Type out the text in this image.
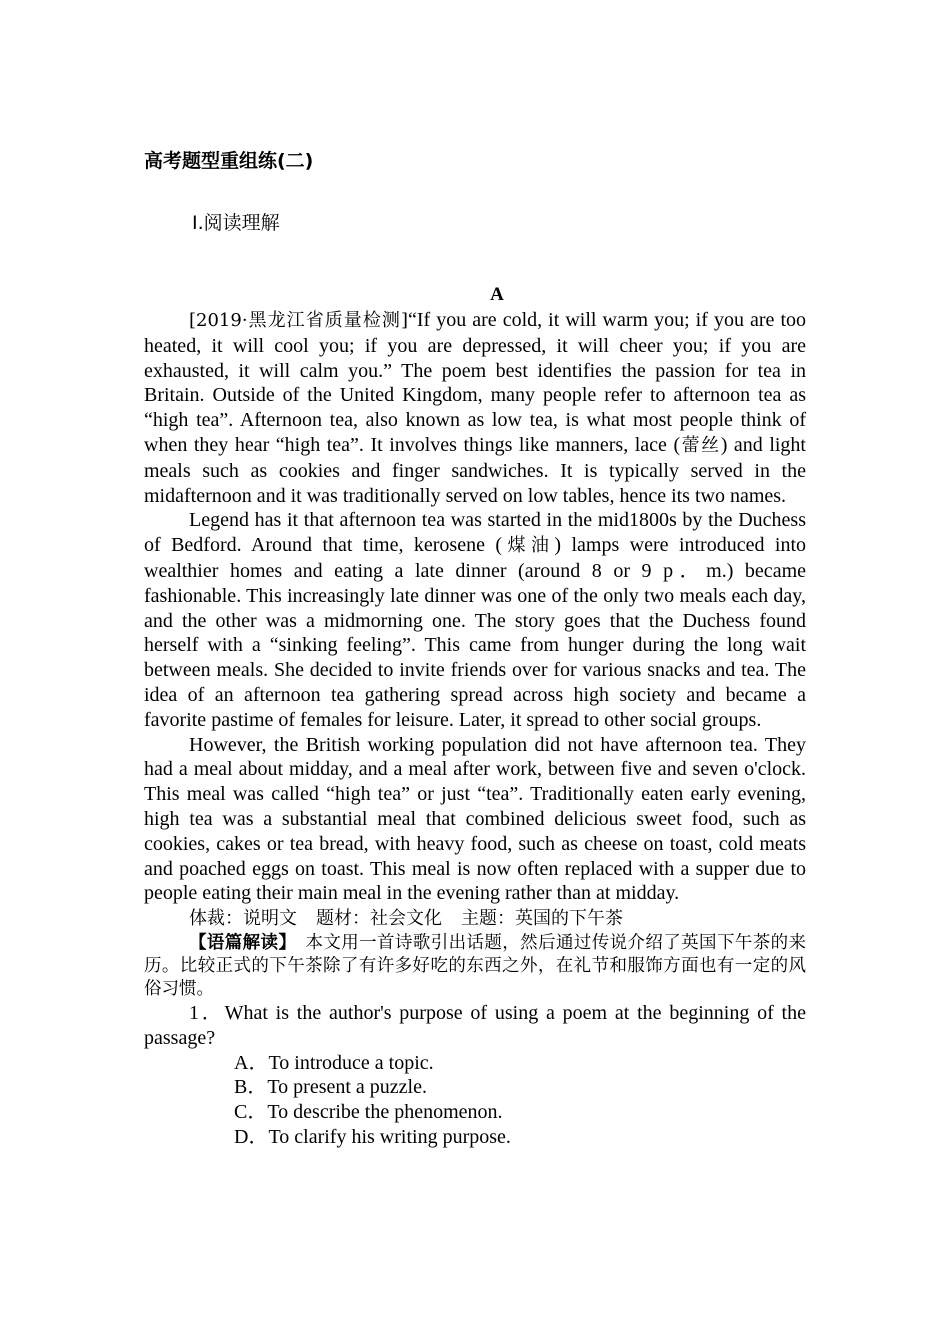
高考题型重组练(二)
Ⅰ.阅读理解
A

[2019·黑龙江省质量检测]“If you are cold, it will warm you; if you are too heated, it will cool you; if you are depressed, it will cheer you; if you are exhausted, it will calm you.” The poem best identifies the passion for tea in Britain. Outside of the United Kingdom, many people refer to afternoon tea as “high tea”. Afternoon tea, also known as low tea, is what most people think of when they hear “high tea”. It involves things like manners, lace (蕾丝) and light meals such as cookies and finger sandwiches. It is typically served in the midafternoon and it was traditionally served on low tables, hence its two names.

Legend has it that afternoon tea was started in the mid1800s by the Duchess of Bedford. Around that time, kerosene (煤油) lamps were introduced into wealthier homes and eating a late dinner (around 8 or 9 p．m.) became fashionable. This increasingly late dinner was one of the only two meals each day, and the other was a midmorning one. The story goes that the Duchess found herself with a “sinking feeling”. This came from hunger during the long wait between meals. She decided to invite friends over for various snacks and tea. The idea of an afternoon tea gathering spread across high society and became a favorite pastime of females for leisure. Later, it spread to other social groups.

However, the British working population did not have afternoon tea. They had a meal about midday, and a meal after work, between five and seven o'clock. This meal was called “high tea” or just “tea”. Traditionally eaten early evening, high tea was a substantial meal that combined delicious sweet food, such as cookies, cakes or tea bread, with heavy food, such as cheese on toast, cold meats and poached eggs on toast. This meal is now often replaced with a supper due to people eating their main meal in the evening rather than at midday.

体裁：说明文 题材：社会文化 主题：英国的下午茶

【语篇解读】　本文用一首诗歌引出话题，然后通过传说介绍了英国下午茶的来历。比较正式的下午茶除了有许多好吃的东西之外，在礼节和服饰方面也有一定的风俗习惯。

1．What is the author's purpose of using a poem at the beginning of the passage?

A．To introduce a topic.

B．To present a puzzle.

C．To describe the phenomenon.

D．To clarify his writing purpose.
